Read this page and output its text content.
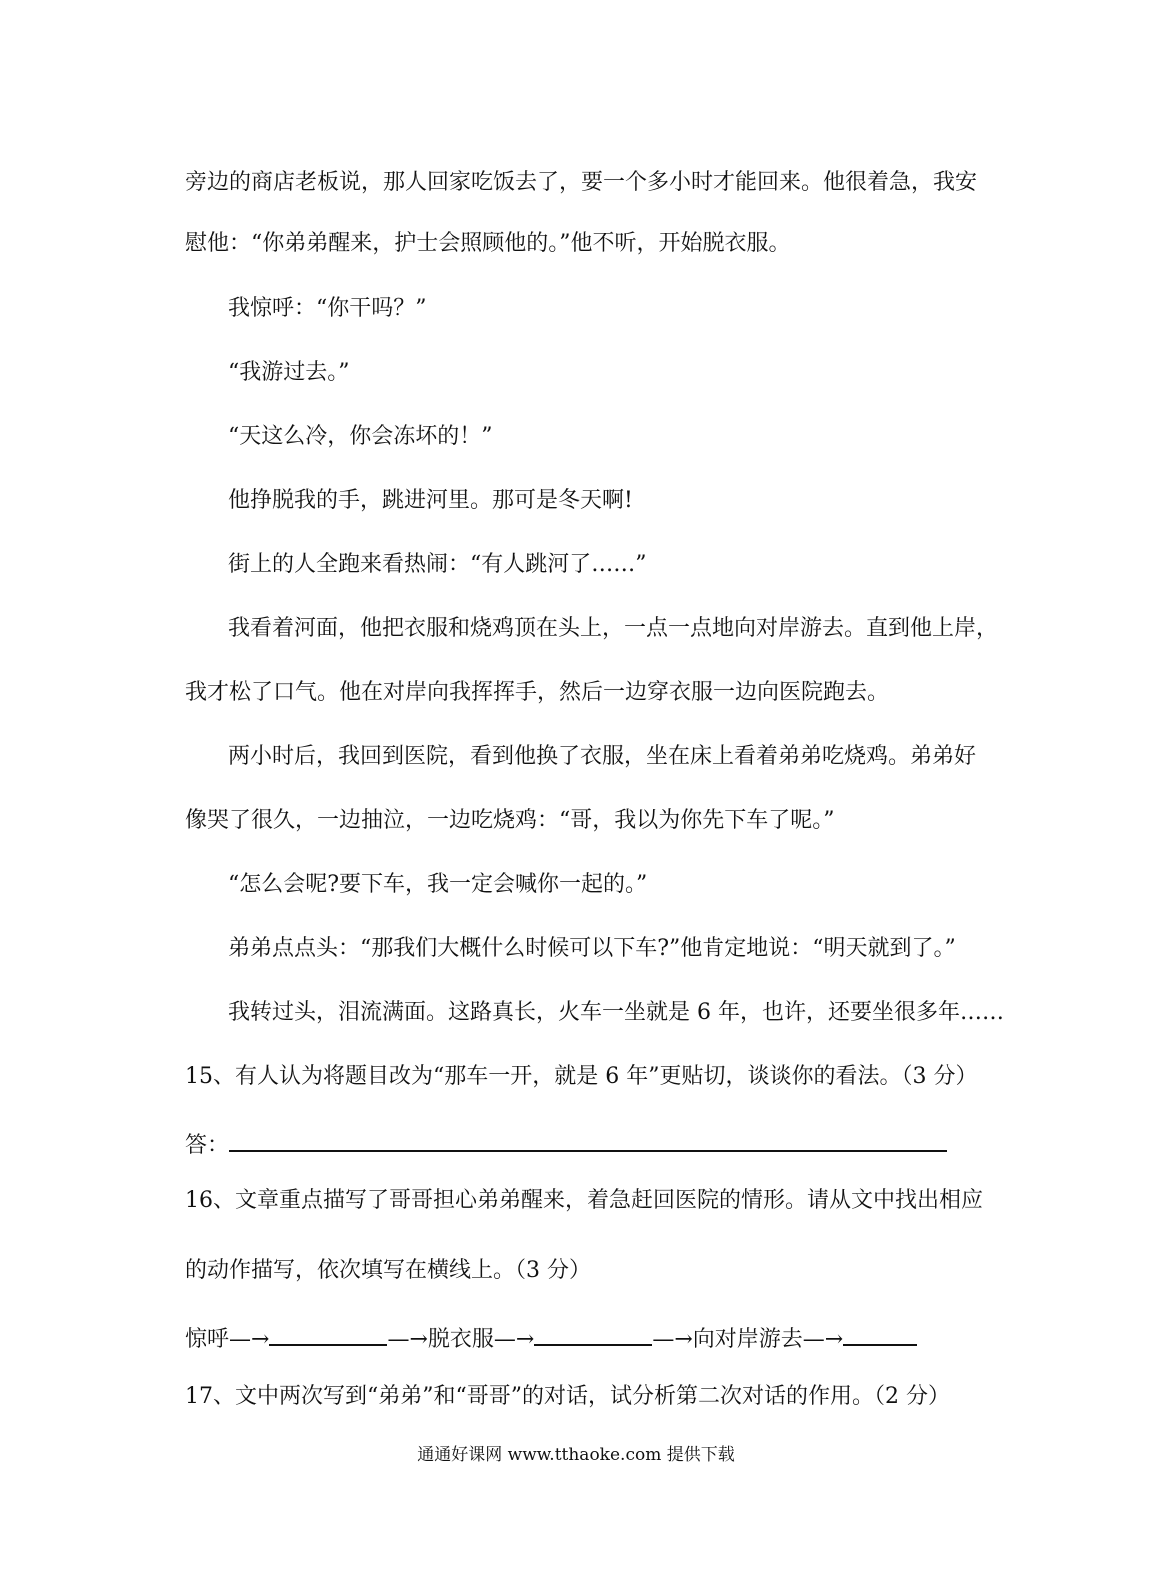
旁边的商店老板说，那人回家吃饭去了，要一个多小时才能回来。他很着急，我安
慰他：“你弟弟醒来，护士会照顾他的。”他不听，开始脱衣服。
我惊呼：“你干吗？”
“我游过去。”
“天这么冷，你会冻坏的！”
他挣脱我的手，跳进河里。那可是冬天啊!
街上的人全跑来看热闹：“有人跳河了……”
我看着河面，他把衣服和烧鸡顶在头上，一点一点地向对岸游去。直到他上岸，
我才松了口气。他在对岸向我挥挥手，然后一边穿衣服一边向医院跑去。
两小时后，我回到医院，看到他换了衣服，坐在床上看着弟弟吃烧鸡。弟弟好
像哭了很久，一边抽泣，一边吃烧鸡：“哥，我以为你先下车了呢。”
“怎么会呢?要下车，我一定会喊你一起的。”
弟弟点点头：“那我们大概什么时候可以下车?”他肯定地说：“明天就到了。”
我转过头，泪流满面。这路真长，火车一坐就是 6 年，也许，还要坐很多年……
15、有人认为将题目改为“那车一开，就是 6 年”更贴切，谈谈你的看法。（3 分）
答：
16、文章重点描写了哥哥担心弟弟醒来，着急赶回医院的情形。请从文中找出相应
的动作描写，依次填写在横线上。（3 分）
惊呼—→	—→脱衣服—→	—→向对岸游去—→
17、文中两次写到“弟弟”和“哥哥”的对话，试分析第二次对话的作用。（2 分）
通通好课网 www.tthaoke.com 提供下载
